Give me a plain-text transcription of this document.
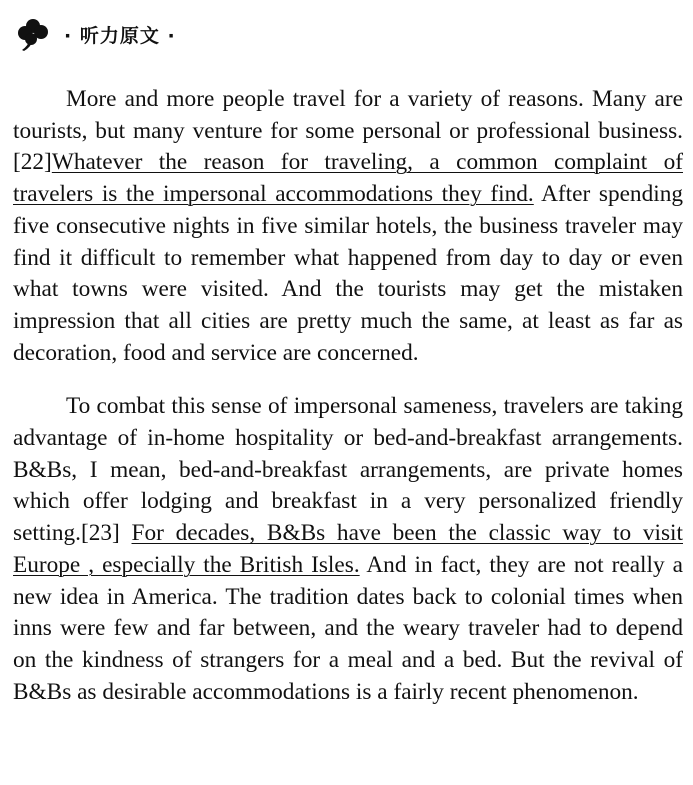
· 听力原文 ·

More and more people travel for a variety of reasons. Many are tourists, but many venture for some personal or professional business.[22]Whatever the reason for traveling, a common complaint of travelers is the impersonal accommodations they find. After spending five consecutive nights in five similar hotels, the business traveler may find it difficult to remember what happened from day to day or even what towns were visited. And the tourists may get the mistaken impression that all cities are pretty much the same, at least as far as decoration, food and service are concerned.

To combat this sense of impersonal sameness, travelers are taking advantage of in-home hospitality or bed-and-breakfast arrangements. B&Bs, I mean, bed-and-breakfast arrangements, are private homes which offer lodging and breakfast in a very personalized friendly setting.[23] For decades, B&Bs have been the classic way to visit Europe , especially the British Isles. And in fact, they are not really a new idea in America. The tradition dates back to colonial times when inns were few and far between, and the weary traveler had to depend on the kindness of strangers for a meal and a bed. But the revival of B&Bs as desirable accommodations is a fairly recent phenomenon.
